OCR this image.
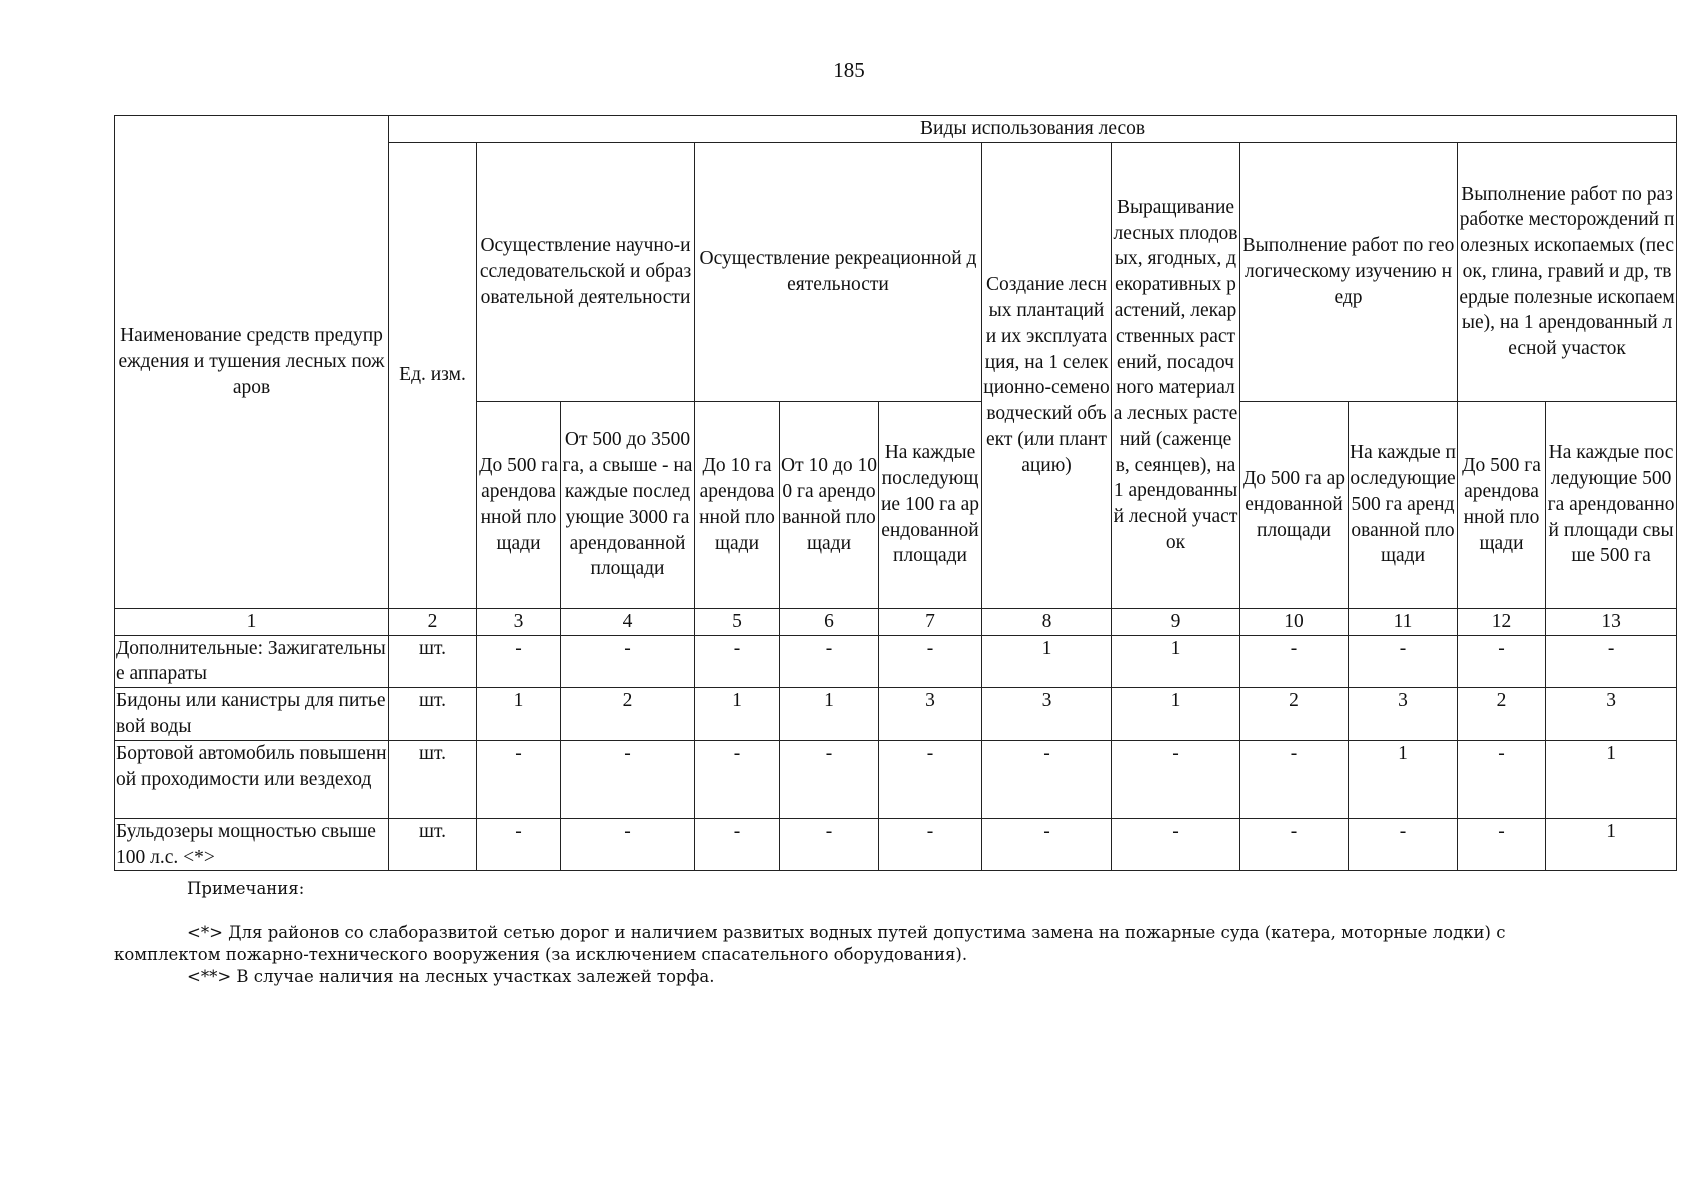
185
Наименование средств предупреждения и тушения лесных пожаров	Виды использования лесов											
	Ед. изм.	Осуществление научно-исследовательской и образовательной деятельности		Осуществление рекреационной деятельности			Создание лесных плантаций и их эксплуатация, на 1 селекционно-семеноводческий объект (или плантацию)	Выращивание лесных плодовых, ягодных, декоративных растений, лекарственных растений, посадочного материала лесных растений (саженцев, сеянцев), на 1 арендованный лесной участок	Выполнение работ по геологическому изучению недр		Выполнение работ по разработке месторождений полезных ископаемых (песок, глина, гравий и др, твердые полезные ископаемые), на 1 арендованный лесной участок	
		До 500 га арендованной площади	От 500 до 3500 га, а свыше - на каждые последующие 3000 га арендованной площади	До 10 га арендованной площади	От 10 до 100 га арендованной площади	На каждые последующие 100 га арендованной площади			До 500 га арендованной площади	На каждые последующие 500 га арендованной площади	До 500 га арендованной площади	На каждые последующие 500 га арендованной площади свыше 500 га
1	2	3	4	5	6	7	8	9	10	11	12	13
Дополнительные: Зажигательные аппараты	шт.	-	-	-	-	-	1	1	-	-	-	-
Бидоны или канистры для питьевой воды	шт.	1	2	1	1	3	3	1	2	3	2	3
Бортовой автомобиль повышенной проходимости или вездеход	шт.	-	-	-	-	-	-	-	-	1	-	1
Бульдозеры мощностью свыше 100 л.с. <*>	шт.	-	-	-	-	-	-	-	-	-	-	1

Примечания:

<*> Для районов со слаборазвитой сетью дорог и наличием развитых водных путей допустима замена на пожарные суда (катера, моторные лодки) с комплектом пожарно-технического вооружения (за исключением спасательного оборудования).

<**> В случае наличия на лесных участках залежей торфа.
